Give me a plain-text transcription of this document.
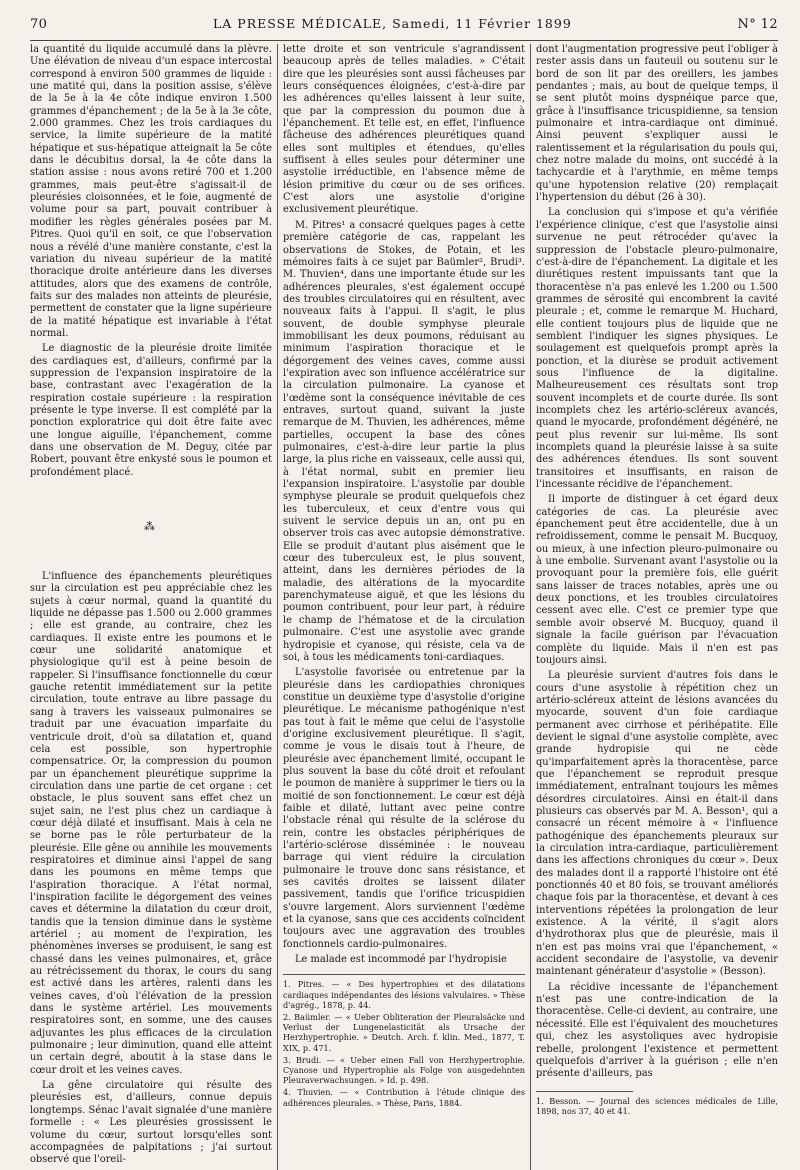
70	LA PRESSE MÉDICALE, Samedi, 11 Février 1899	N° 12

la quantité du liquide accumulé dans la plèvre. Une élévation de niveau d'un espace intercostal correspond à environ 500 grammes de liquide : une matité qui, dans la position assise, s'élève de la 5e à la 4e côte indique environ 1.500 grammes d'épanchement ; de la 5e à la 3e côte, 2.000 grammes. Chez les trois cardiaques du service, la limite supérieure de la matité hépatique et sus-hépatique atteignait la 5e côte dans le décubitus dorsal, la 4e côte dans la station assise : nous avons retiré 700 et 1.200 grammes, mais peut-être s'agissait-il de pleurésies cloisonnées, et le foie, augmenté de volume pour sa part, pouvait contribuer à modifier les règles générales posées par M. Pitres. Quoi qu'il en soit, ce que l'observation nous a révélé d'une manière constante, c'est la variation du niveau supérieur de la matité thoracique droite antérieure dans les diverses attitudes, alors que des examens de contrôle, faits sur des malades non atteints de pleurésie, permettent de constater que la ligne supérieure de la matité hépatique est invariable à l'état normal.

Le diagnostic de la pleurésie droite limitée des cardiaques est, d'ailleurs, confirmé par la suppression de l'expansion inspiratoire de la base, contrastant avec l'exagération de la respiration costale supérieure : la respiration présente le type inverse. Il est complété par la ponction exploratrice qui doit être faite avec une longue aiguille, l'épanchement, comme dans une observation de M. Deguy, citée par Robert, pouvant être enkysté sous le poumon et profondément placé.

⁂

L'influence des épanchements pleurétiques sur la circulation est peu appréciable chez les sujets à cœur normal, quand la quantité du liquide ne dépasse pas 1.500 ou 2.000 grammes ; elle est grande, au contraire, chez les cardiaques. Il existe entre les poumons et le cœur une solidarité anatomique et physiologique qu'il est à peine besoin de rappeler. Si l'insuffisance fonctionnelle du cœur gauche retentit immédiatement sur la petite circulation, toute entrave au libre passage du sang à travers les vaisseaux pulmonaires se traduit par une évacuation imparfaite du ventricule droit, d'où sa dilatation et, quand cela est possible, son hypertrophie compensatrice. Or, la compression du poumon par un épanchement pleurétique supprime la circulation dans une partie de cet organe : cet obstacle, le plus souvent sans effet chez un sujet sain, ne l'est plus chez un cardiaque à cœur déjà dilaté et insuffisant. Mais à cela ne se borne pas le rôle perturbateur de la pleurésie. Elle gêne ou annihile les mouvements respiratoires et diminue ainsi l'appel de sang dans les poumons en même temps que l'aspiration thoracique. A l'état normal, l'inspiration facilite le dégorgement des veines caves et détermine la dilatation du cœur droit, tandis que la tension diminue dans le système artériel ; au moment de l'expiration, les phénomènes inverses se produisent, le sang est chassé dans les veines pulmonaires, et, grâce au rétrécissement du thorax, le cours du sang est activé dans les artères, ralenti dans les veines caves, d'où l'élévation de la pression dans le système artériel. Les mouvements respiratoires sont, en somme, une des causes adjuvantes les plus efficaces de la circulation pulmonaire ; leur diminution, quand elle atteint un certain degré, aboutit à la stase dans le cœur droit et les veines caves.

La gêne circulatoire qui résulte des pleurésies est, d'ailleurs, connue depuis longtemps. Sénac l'avait signalée d'une manière formelle : « Les pleurésies grossissent le volume du cœur, surtout lorsqu'elles sont accompagnées de palpitations ; j'ai surtout observé que l'oreil-

lette droite et son ventricule s'agrandissent beaucoup après de telles maladies. » C'était dire que les pleurésies sont aussi fâcheuses par leurs conséquences éloignées, c'est-à-dire par les adhérences qu'elles laissent à leur suite, que par la compression du poumon due à l'épanchement. Et telle est, en effet, l'influence fâcheuse des adhérences pleurétiques quand elles sont multiples et étendues, qu'elles suffisent à elles seules pour déterminer une asystolie irréductible, en l'absence même de lésion primitive du cœur ou de ses orifices. C'est alors une asystolie d'origine exclusivement pleurétique.

M. Pitres¹ a consacré quelques pages à cette première catégorie de cas, rappelant les observations de Stokes, de Potain, et les mémoires faits à ce sujet par Baümler², Brudi³. M. Thuvien⁴, dans une importante étude sur les adhérences pleurales, s'est également occupé des troubles circulatoires qui en résultent, avec nouveaux faits à l'appui. Il s'agit, le plus souvent, de double symphyse pleurale immobilisant les deux poumons, réduisant au minimum l'aspiration thoracique et le dégorgement des veines caves, comme aussi l'expiration avec son influence accélératrice sur la circulation pulmonaire. La cyanose et l'œdème sont la conséquence inévitable de ces entraves, surtout quand, suivant la juste remarque de M. Thuvien, les adhérences, même partielles, occupent la base des cônes pulmonaires, c'est-à-dire leur partie la plus large, la plus riche en vaisseaux, celle aussi qui, à l'état normal, subit en premier lieu l'expansion inspiratoire. L'asystolie par double symphyse pleurale se produit quelquefois chez les tuberculeux, et ceux d'entre vous qui suivent le service depuis un an, ont pu en observer trois cas avec autopsie démonstrative. Elle se produit d'autant plus aisément que le cœur des tuberculeux est, le plus souvent, atteint, dans les dernières périodes de la maladie, des altérations de la myocardite parenchymateuse aiguë, et que les lésions du poumon contribuent, pour leur part, à réduire le champ de l'hématose et de la circulation pulmonaire. C'est une asystolie avec grande hydropisie et cyanose, qui résiste, cela va de soi, à tous les médicaments toni-cardiaques.

L'asystolie favorisée ou entretenue par la pleurésie dans les cardiopathies chroniques constitue un deuxième type d'asystolie d'origine pleurétique. Le mécanisme pathogénique n'est pas tout à fait le même que celui de l'asystolie d'origine exclusivement pleurétique. Il s'agit, comme je vous le disais tout à l'heure, de pleurésie avec épanchement limité, occupant le plus souvent la base du côté droit et refoulant le poumon de manière à supprimer le tiers ou la moitié de son fonctionnement. Le cœur est déjà faible et dilaté, luttant avec peine contre l'obstacle rénal qui résulte de la sclérose du rein, contre les obstacles périphériques de l'artério-sclérose disséminée : le nouveau barrage qui vient réduire la circulation pulmonaire le trouve donc sans résistance, et ses cavités droites se laissent dilater passivement, tandis que l'orifice tricuspidien s'ouvre largement. Alors surviennent l'œdème et la cyanose, sans que ces accidents coïncident toujours avec une aggravation des troubles fonctionnels cardio-pulmonaires.

Le malade est incommodé par l'hydropisie

1. Pitres. — « Des hypertrophies et des dilatations cardiaques indépendantes des lésions valvulaires. » Thèse d'agrég., 1878, p. 44.

2. Baümler. — « Ueber Obliteration der Pleuralsäcke und Verlust der Lungenelasticität als Ursache der Herzhypertrophie. » Deutch. Arch. f. klin. Med., 1877, T. XIX, p. 471.

3. Brudi. — « Ueber einen Fall von Herzhypertrophie. Cyanose und Hypertrophie als Folge von ausgedehnten Pleuraverwachsungen. » Id. p. 498.

4. Thuvien. — « Contribution à l'étude clinique des adhérences pleurales. » Thèse, Paris, 1884.

dont l'augmentation progressive peut l'obliger à rester assis dans un fauteuil ou soutenu sur le bord de son lit par des oreillers, les jambes pendantes ; mais, au bout de quelque temps, il se sent plutôt moins dyspnéique parce que, grâce à l'insuffisance tricuspidienne, sa tension pulmonaire et intra-cardiaque ont diminué. Ainsi peuvent s'expliquer aussi le ralentissement et la régularisation du pouls qui, chez notre malade du moins, ont succédé à la tachycardie et à l'arythmie, en même temps qu'une hypotension relative (20) remplaçait l'hypertension du début (26 à 30).

La conclusion qui s'impose et qu'a vérifiée l'expérience clinique, c'est que l'asystolie ainsi survenue ne peut rétrocéder qu'avec la suppression de l'obstacle pleuro-pulmonaire, c'est-à-dire de l'épanchement. La digitale et les diurétiques restent impuissants tant que la thoracentèse n'a pas enlevé les 1.200 ou 1.500 grammes de sérosité qui encombrent la cavité pleurale ; et, comme le remarque M. Huchard, elle contient toujours plus de liquide que ne semblent l'indiquer les signes physiques. Le soulagement est quelquefois prompt après la ponction, et la diurèse se produit activement sous l'influence de la digitaline. Malheureusement ces résultats sont trop souvent incomplets et de courte durée. Ils sont incomplets chez les artério-scléreux avancés, quand le myocarde, profondément dégénéré, ne peut plus revenir sur lui-même. Ils sont incomplets quand la pleurésie laisse à sa suite des adhérences étendues. Ils sont souvent transitoires et insuffisants, en raison de l'incessante récidive de l'épanchement.

Il importe de distinguer à cet égard deux catégories de cas. La pleurésie avec épanchement peut être accidentelle, due à un refroidissement, comme le pensait M. Bucquoy, ou mieux, à une infection pleuro-pulmonaire ou à une embolie. Survenant avant l'asystolie ou la provoquant pour la première fois, elle guérit sans laisser de traces notables, après une ou deux ponctions, et les troubles circulatoires cessent avec elle. C'est ce premier type que semble avoir observé M. Bucquoy, quand il signale la facile guérison par l'évacuation complète du liquide. Mais il n'en est pas toujours ainsi.

La pleurésie survient d'autres fois dans le cours d'une asystolie à répétition chez un artério-scléreux atteint de lésions avancées du myocarde, souvent d'un foie cardiaque permanent avec cirrhose et périhépatite. Elle devient le signal d'une asystolie complète, avec grande hydropisie qui ne cède qu'imparfaitement après la thoracentèse, parce que l'épanchement se reproduit presque immédiatement, entraînant toujours les mêmes désordres circulatoires. Ainsi en était-il dans plusieurs cas observés par M. A. Besson¹, qui a consacré un récent mémoire à « l'influence pathogénique des épanchements pleuraux sur la circulation intra-cardiaque, particulièrement dans les affections chroniques du cœur ». Deux des malades dont il a rapporté l'histoire ont été ponctionnés 40 et 80 fois, se trouvant améliorés chaque fois par la thoracentèse, et devant à ces interventions répétées la prolongation de leur existence. A la vérité, il s'agit alors d'hydrothorax plus que de pleurésie, mais il n'en est pas moins vrai que l'épanchement, « accident secondaire de l'asystolie, va devenir maintenant générateur d'asystolie » (Besson).

La récidive incessante de l'épanchement n'est pas une contre-indication de la thoracentèse. Celle-ci devient, au contraire, une nécessité. Elle est l'équivalent des mouchetures qui, chez les asystoliques avec hydropisie rebelle, prolongent l'existence et permettent quelquefois d'arriver à la guérison ; elle n'en présente d'ailleurs, pas

1. Besson. — Journal des sciences médicales de Lille, 1898, nos 37, 40 et 41.
